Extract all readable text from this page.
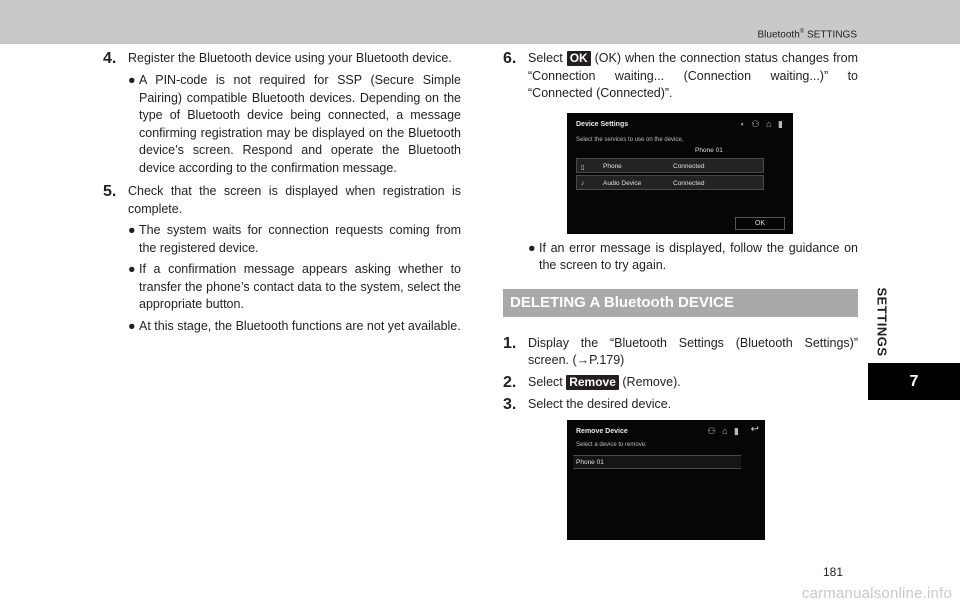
Bluetooth® SETTINGS
SETTINGS
7
4. Register the Bluetooth device using your Bluetooth device.
● A PIN-code is not required for SSP (Secure Simple Pairing) compatible Bluetooth devices. Depending on the type of Bluetooth device being connected, a message confirming registration may be displayed on the Bluetooth device’s screen. Respond and operate the Bluetooth device according to the confirmation message.
5. Check that the screen is displayed when registration is complete.
● The system waits for connection requests coming from the registered device.
● If a confirmation message appears asking whether to transfer the phone’s contact data to the system, select the appropriate button.
● At this stage, the Bluetooth functions are not yet available.
6. Select OK (OK) when the connection status changes from “Connection waiting... (Connection waiting...)” to “Connected (Connected)”.
Device Settings	⋆ ⚇ ⌂ ▮
Select the services to use on the device.
Phone 01
▯	Phone	Connected
♪	Audio Device	Connected
OK
● If an error message is displayed, follow the guidance on the screen to try again.
DELETING A Bluetooth DEVICE
1. Display the “Bluetooth Settings (Bluetooth Settings)” screen. (→P.179)
2. Select Remove (Remove).
3. Select the desired device.
Remove Device	⚇ ⌂ ▮ ↩
Select a device to remove:
Phone 01
181
carmanualsonline.info
